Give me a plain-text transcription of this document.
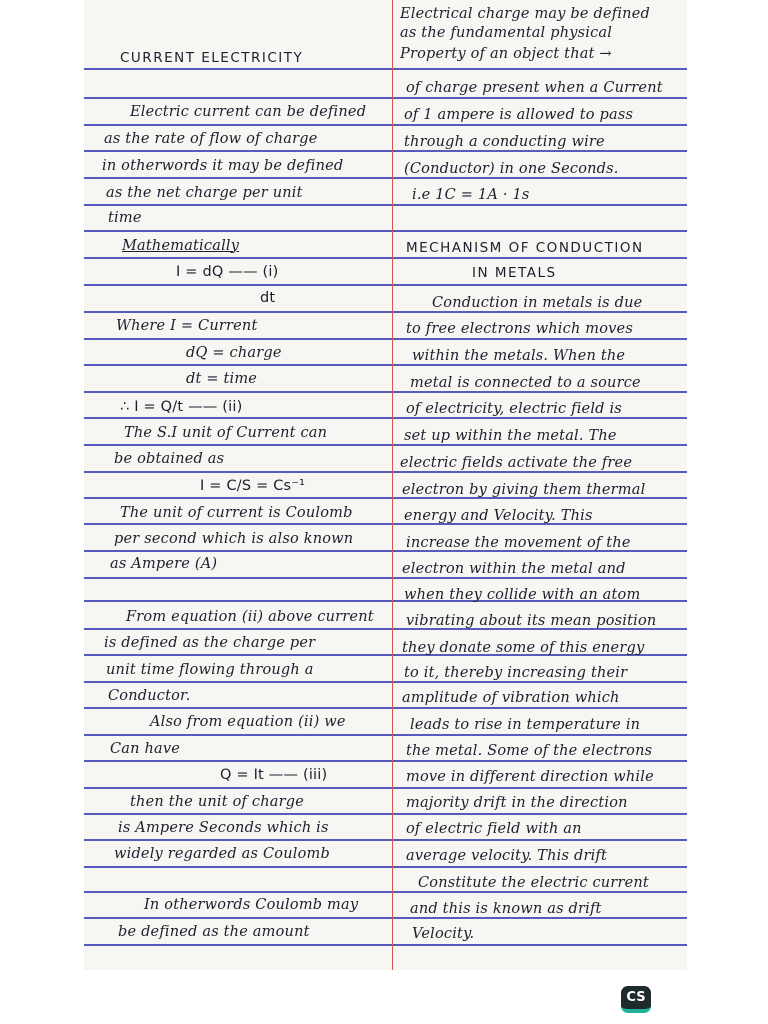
CURRENT ELECTRICITY
Electric current can be defined
as the rate of flow of charge
in otherwords it may be defined
as the net charge per unit
time
Mathematically
I = dQ —— (i)
dt
Where I = Current
dQ = charge
dt = time
∴ I = Q/t —— (ii)
The S.I unit of Current can
be obtained as
I = C/S = Cs⁻¹
The unit of current is Coulomb
per second which is also known
as Ampere (A)
From equation (ii) above current
is defined as the charge per
unit time flowing through a
Conductor.
Also from equation (ii) we
Can have
Q = It —— (iii)
then the unit of charge
is Ampere Seconds which is
widely regarded as Coulomb
In otherwords Coulomb may
be defined as the amount
Electrical charge may be defined
as the fundamental physical
Property of an object that →
of charge present when a Current
of 1 ampere is allowed to pass
through a conducting wire
(Conductor) in one Seconds.
i.e 1C = 1A · 1s
MECHANISM OF CONDUCTION
IN METALS
Conduction in metals is due
to free electrons which moves
within the metals. When the
metal is connected to a source
of electricity, electric field is
set up within the metal. The
electric fields activate the free
electron by giving them thermal
energy and Velocity. This
increase the movement of the
electron within the metal and
when they collide with an atom
vibrating about its mean position
they donate some of this energy
to it, thereby increasing their
amplitude of vibration which
leads to rise in temperature in
the metal. Some of the electrons
move in different direction while
majority drift in the direction
of electric field with an
average velocity. This drift
Constitute the electric current
and this is known as drift
Velocity.
CS
